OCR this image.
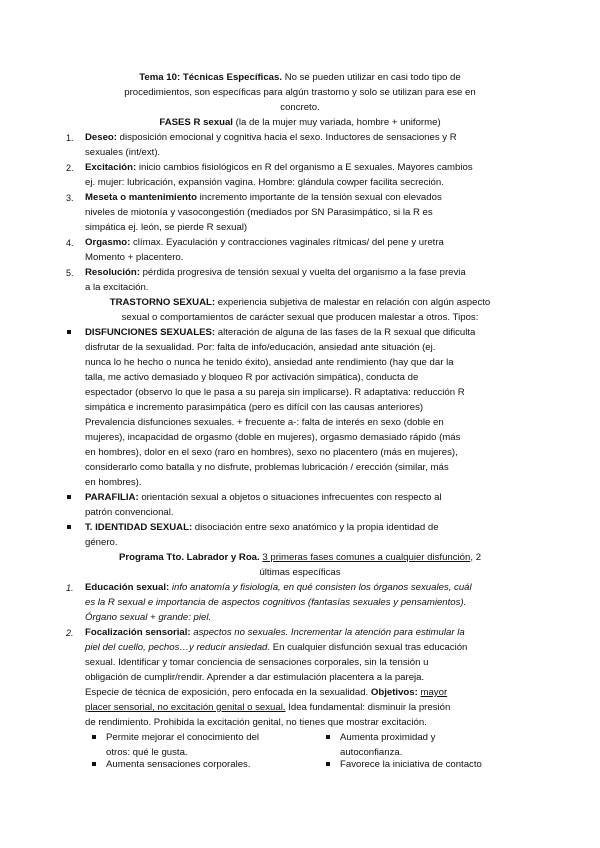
Tema 10: Técnicas Específicas. No se pueden utilizar en casi todo tipo de
procedimientos, son específicas para algún trastorno y solo se utilizan para ese en
concreto.
FASES R sexual (la de la mujer muy variada, hombre + uniforme)
1. Deseo: disposición emocional y cognitiva hacia el sexo. Inductores de sensaciones y R
sexuales (int/ext).
2. Excitación: inicio cambios fisiológicos en R del organismo a E sexuales. Mayores cambios
ej. mujer: lubricación, expansión vagina. Hombre: glándula cowper facilita secreción.
3. Meseta o mantenimiento incremento importante de la tensión sexual con elevados
niveles de miotonía y vasocongestión (mediados por SN Parasimpático, si la R es
simpática ej. león, se pierde R sexual)
4. Orgasmo: clímax. Eyaculación y contracciones vaginales rítmicas/ del pene y uretra
Momento + placentero.
5. Resolución: pérdida progresiva de tensión sexual y vuelta del organismo a la fase previa
a la excitación.
TRASTORNO SEXUAL: experiencia subjetiva de malestar en relación con algún aspecto
sexual o comportamientos de carácter sexual que producen malestar a otros. Tipos:
DISFUNCIONES SEXUALES: alteración de alguna de las fases de la R sexual que dificulta
disfrutar de la sexualidad. Por: falta de info/educación, ansiedad ante situación (ej.
nunca lo he hecho o nunca he tenido éxito), ansiedad ante rendimiento (hay que dar la
talla, me activo demasiado y bloqueo R por activación simpática), conducta de
espectador (observo lo que le pasa a su pareja sin implicarse). R adaptativa: reducción R
simpática e incremento parasimpática (pero es difícil con las causas anteriores)
Prevalencia disfunciones sexuales. + frecuente a-: falta de interés en sexo (doble en
mujeres), incapacidad de orgasmo (doble en mujeres), orgasmo demasiado rápido (más
en hombres), dolor en el sexo (raro en hombres), sexo no placentero (más en mujeres),
considerarlo como batalla y no disfrute, problemas lubricación / erección (similar, más
en hombres).
PARAFILIA: orientación sexual a objetos o situaciones infrecuentes con respecto al
patrón convencional.
T. IDENTIDAD SEXUAL: disociación entre sexo anatómico y la propia identidad de
género.
Programa Tto. Labrador y Roa. 3 primeras fases comunes a cualquier disfunción, 2
últimas específicas
1. Educación sexual: info anatomía y fisiología, en qué consisten los órganos sexuales, cuál
es la R sexual e importancia de aspectos cognitivos (fantasías sexuales y pensamientos).
Órgano sexual + grande: piel.
2. Focalización sensorial: aspectos no sexuales. Incrementar la atención para estimular la
piel del cuello, pechos…y reducir ansiedad. En cualquier disfunción sexual tras educación
sexual. Identificar y tomar conciencia de sensaciones corporales, sin la tensión u
obligación de cumplir/rendir. Aprender a dar estimulación placentera a la pareja.
Especie de técnica de exposición, pero enfocada en la sexualidad. Objetivos: mayor
placer sensorial, no excitación genital o sexual. Idea fundamental: disminuir la presión
de rendimiento. Prohibida la excitación genital, no tienes que mostrar excitación.
Permite mejorar el conocimiento del
otros: qué le gusta.
Aumenta sensaciones corporales.
Aumenta proximidad y
autoconfianza.
Favorece la iniciativa de contacto
